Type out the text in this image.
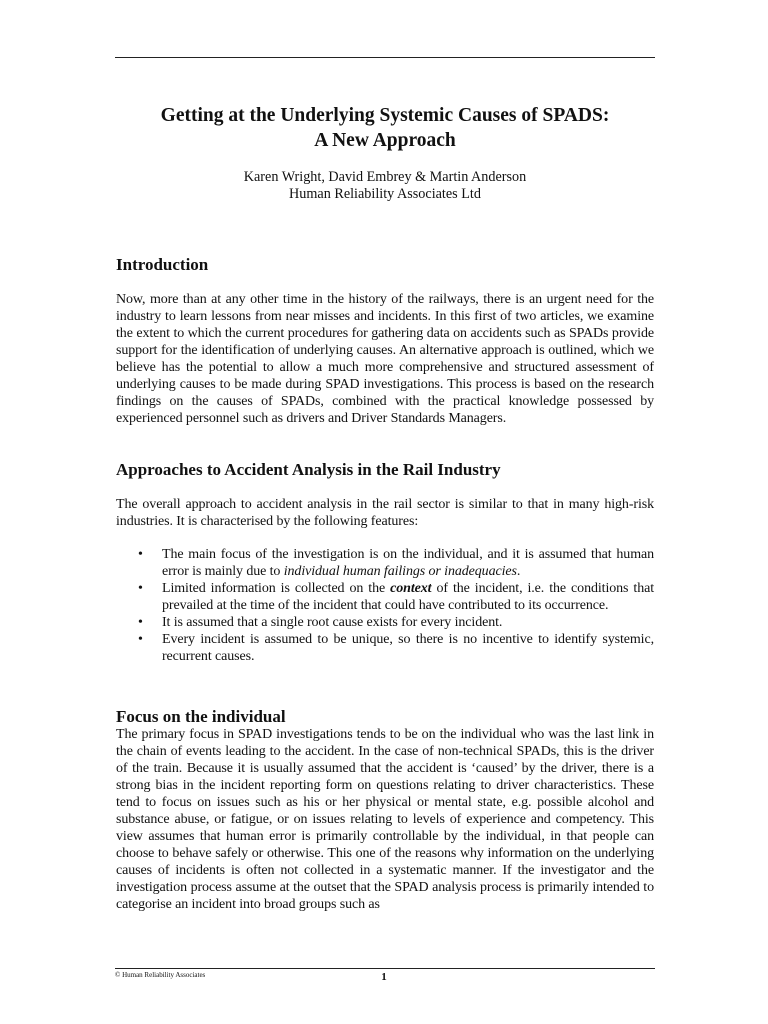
Getting at the Underlying Systemic Causes of SPADS:
A New Approach
Karen Wright, David Embrey & Martin Anderson
Human Reliability Associates Ltd
Introduction

Now, more than at any other time in the history of the railways, there is an urgent need for the industry to learn lessons from near misses and incidents. In this first of two articles, we examine the extent to which the current procedures for gathering data on accidents such as SPADs provide support for the identification of underlying causes. An alternative approach is outlined, which we believe has the potential to allow a much more comprehensive and structured assessment of underlying causes to be made during SPAD investigations. This process is based on the research findings on the causes of SPADs, combined with the practical knowledge possessed by experienced personnel such as drivers and Driver Standards Managers.

Approaches to Accident Analysis in the Rail Industry

The overall approach to accident analysis in the rail sector is similar to that in many high-risk industries. It is characterised by the following features:

• The main focus of the investigation is on the individual, and it is assumed that human error is mainly due to individual human failings or inadequacies.
• Limited information is collected on the context of the incident, i.e. the conditions that prevailed at the time of the incident that could have contributed to its occurrence.
• It is assumed that a single root cause exists for every incident.
• Every incident is assumed to be unique, so there is no incentive to identify systemic, recurrent causes.
Focus on the individual

The primary focus in SPAD investigations tends to be on the individual who was the last link in the chain of events leading to the accident. In the case of non-technical SPADs, this is the driver of the train. Because it is usually assumed that the accident is ‘caused’ by the driver, there is a strong bias in the incident reporting form on questions relating to driver characteristics. These tend to focus on issues such as his or her physical or mental state, e.g. possible alcohol and substance abuse, or fatigue, or on issues relating to levels of experience and competency. This view assumes that human error is primarily controllable by the individual, in that people can choose to behave safely or otherwise. This one of the reasons why information on the underlying causes of incidents is often not collected in a systematic manner. If the investigator and the investigation process assume at the outset that the SPAD analysis process is primarily intended to categorise an incident into broad groups such as

© Human Reliability Associates	1
